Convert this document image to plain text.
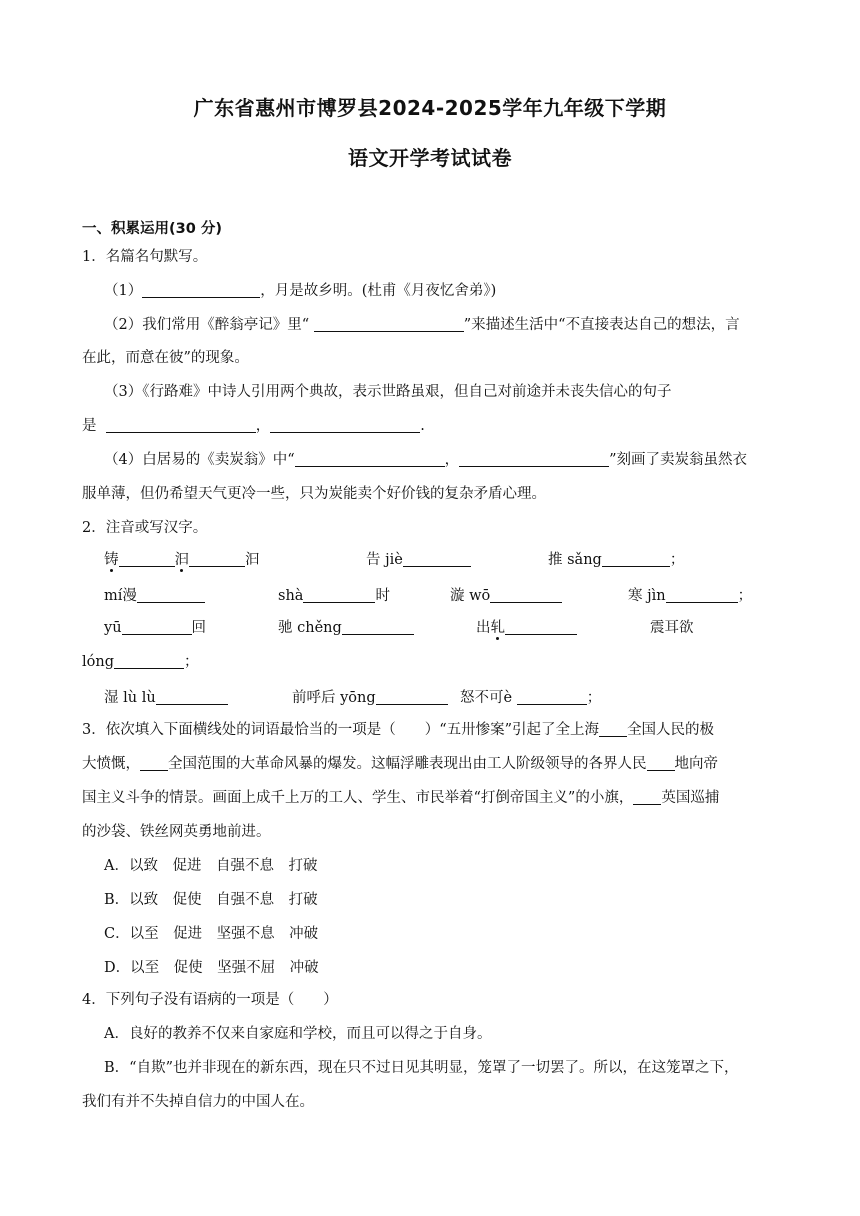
广东省惠州市博罗县2024-2025学年九年级下学期
语文开学考试试卷
一、积累运用(30 分)
1．名篇名句默写。
（1）	，月是故乡明。(杜甫《月夜忆舍弟》)
（2）我们常用《醉翁亭记》里“	”来描述生活中“不直接表达自己的想法，言
在此，而意在彼”的现象。
（3）《行路难》中诗人引用两个典故，表示世路虽艰，但自己对前途并未丧失信心的句子
是	，	.
（4）白居易的《卖炭翁》中“	，	”刻画了卖炭翁虽然衣
服单薄，但仍希望天气更冷一些，只为炭能卖个好价钱的复杂矛盾心理。
2．注音或写汉字。
铸	汩	汩	告 jiè	推 sǎng	；
mí漫	shà	时	漩 wō	寒 jìn	；
yū	回	驰 chěng	出轧	震耳欲
lóng	；
湿 lù lù	前呼后 yōng	怒不可è	；
3．依次填入下面横线处的词语最恰当的一项是（　　）“五卅惨案”引起了全上海 全国人民的极
大愤慨， 全国范围的大革命风暴的爆发。这幅浮雕表现出由工人阶级领导的各界人民 地向帝
国主义斗争的情景。画面上成千上万的工人、学生、市民举着“打倒帝国主义”的小旗， 英国巡捕
的沙袋、铁丝网英勇地前进。
A．以致　促进　自强不息　打破
B．以致　促使　自强不息　打破
C．以至　促进　坚强不息　冲破
D．以至　促使　坚强不屈　冲破
4．下列句子没有语病的一项是（　　）
A．良好的教养不仅来自家庭和学校，而且可以得之于自身。
B．“自欺”也并非现在的新东西，现在只不过日见其明显，笼罩了一切罢了。所以，在这笼罩之下，
我们有并不失掉自信力的中国人在。
